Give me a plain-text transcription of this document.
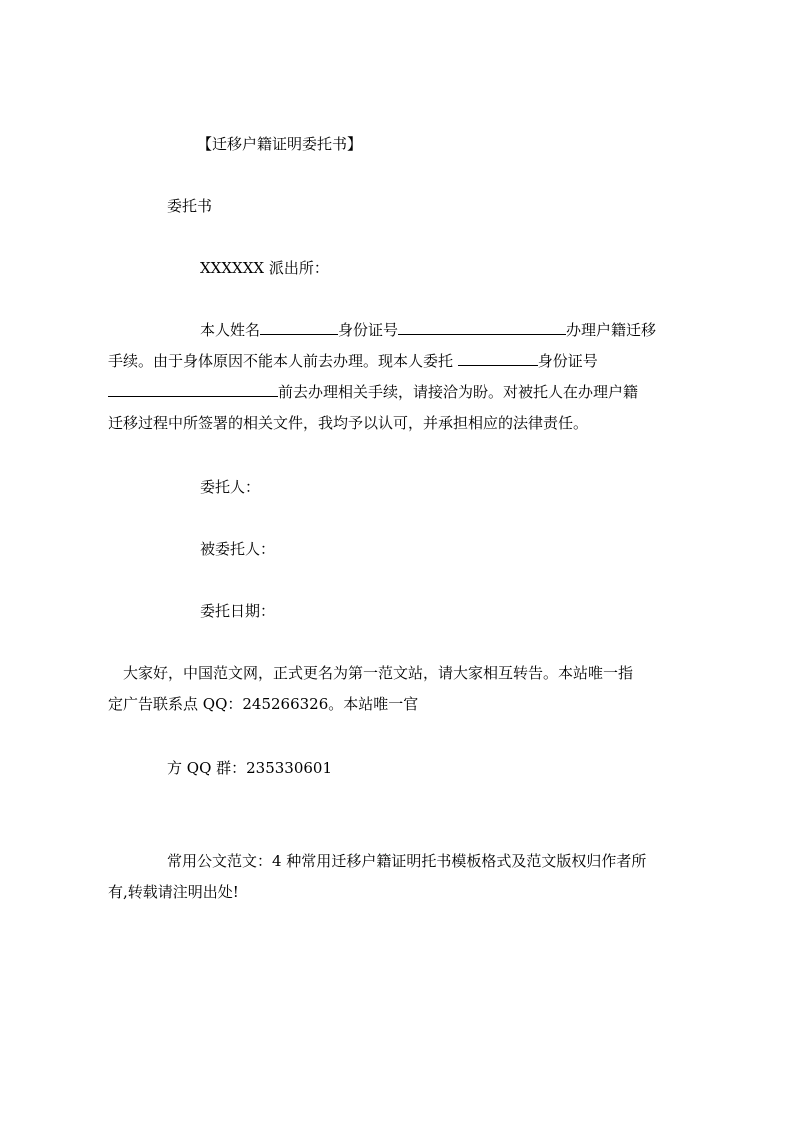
【迁移户籍证明委托书】
委托书
XXXXXX 派出所：
本人姓名	身份证号	办理户籍迁移
手续。由于身体原因不能本人前去办理。现本人委托	身份证号
前去办理相关手续，请接洽为盼。对被托人在办理户籍
迁移过程中所签署的相关文件，我均予以认可，并承担相应的法律责任。
委托人：
被委托人：
委托日期：
大家好，中国范文网，正式更名为第一范文站，请大家相互转告。本站唯一指
定广告联系点 QQ：245266326。本站唯一官
方 QQ 群：235330601
常用公文范文：4 种常用迁移户籍证明托书模板格式及范文版权归作者所
有,转载请注明出处!
